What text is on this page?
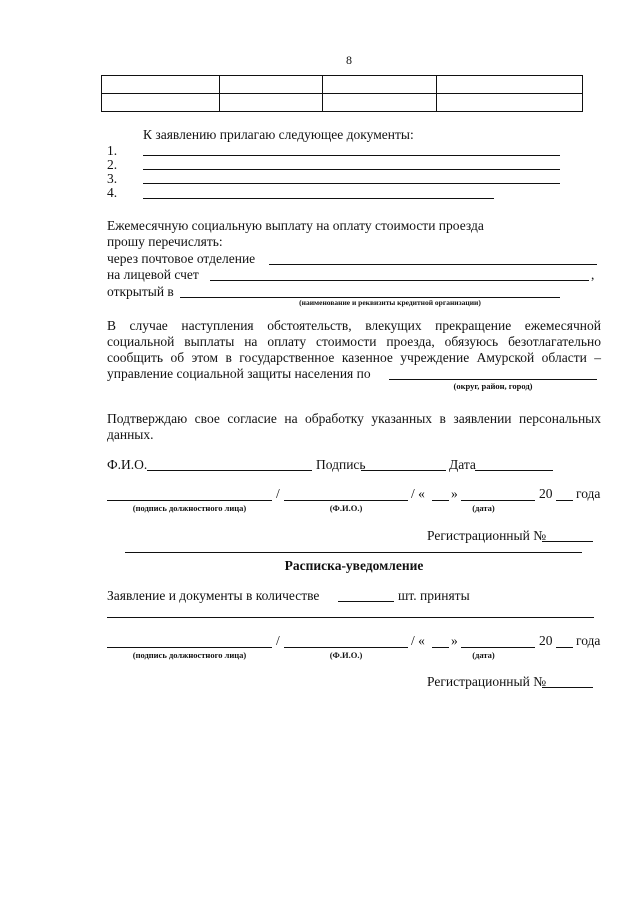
8

К заявлению прилагаю следующее документы:
1.
2.
3.
4.
Ежемесячную социальную выплату на оплату стоимости проезда
прошу перечислять:
через почтовое отделение
на лицевой счет	,
открытый в
(наименование и реквизиты кредитной организации)
В случае наступления обстоятельств, влекущих прекращение ежемесячной
социальной выплаты на оплату стоимости проезда, обязуюсь безотлагательно
сообщить об этом в государственное казенное учреждение Амурской области –
управление социальной защиты населения по
(округ, район, город)
Подтверждаю свое согласие на обработку указанных в заявлении персональных
данных.
Ф.И.О.	Подпись	Дата
/	/ « »	20 года
(подпись должностного лица)	(Ф.И.О.)	(дата)
Регистрационный №
Расписка-уведомление
Заявление и документы в количестве	шт. приняты
/	/ « »	20 года
(подпись должностного лица)	(Ф.И.О.)	(дата)
Регистрационный №
